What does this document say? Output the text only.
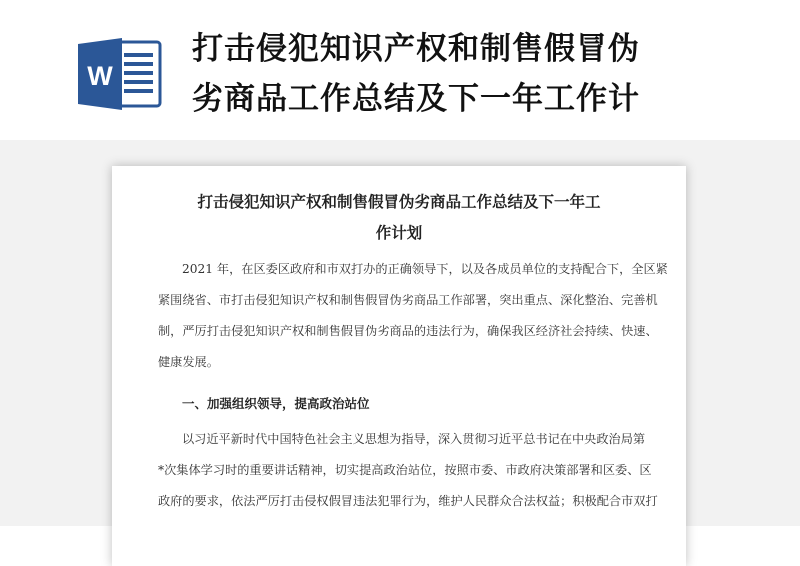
W
打击侵犯知识产权和制售假冒伪
劣商品工作总结及下一年工作计
打击侵犯知识产权和制售假冒伪劣商品工作总结及下一年工
作计划
2021 年，在区委区政府和市双打办的正确领导下，以及各成员单位的支持配合下，全区紧
紧围绕省、市打击侵犯知识产权和制售假冒伪劣商品工作部署，突出重点、深化整治、完善机
制，严厉打击侵犯知识产权和制售假冒伪劣商品的违法行为，确保我区经济社会持续、快速、
健康发展。
一、加强组织领导，提高政治站位
以习近平新时代中国特色社会主义思想为指导，深入贯彻习近平总书记在中央政治局第
*次集体学习时的重要讲话精神，切实提高政治站位，按照市委、市政府决策部署和区委、区
政府的要求，依法严厉打击侵权假冒违法犯罪行为，维护人民群众合法权益；积极配合市双打
